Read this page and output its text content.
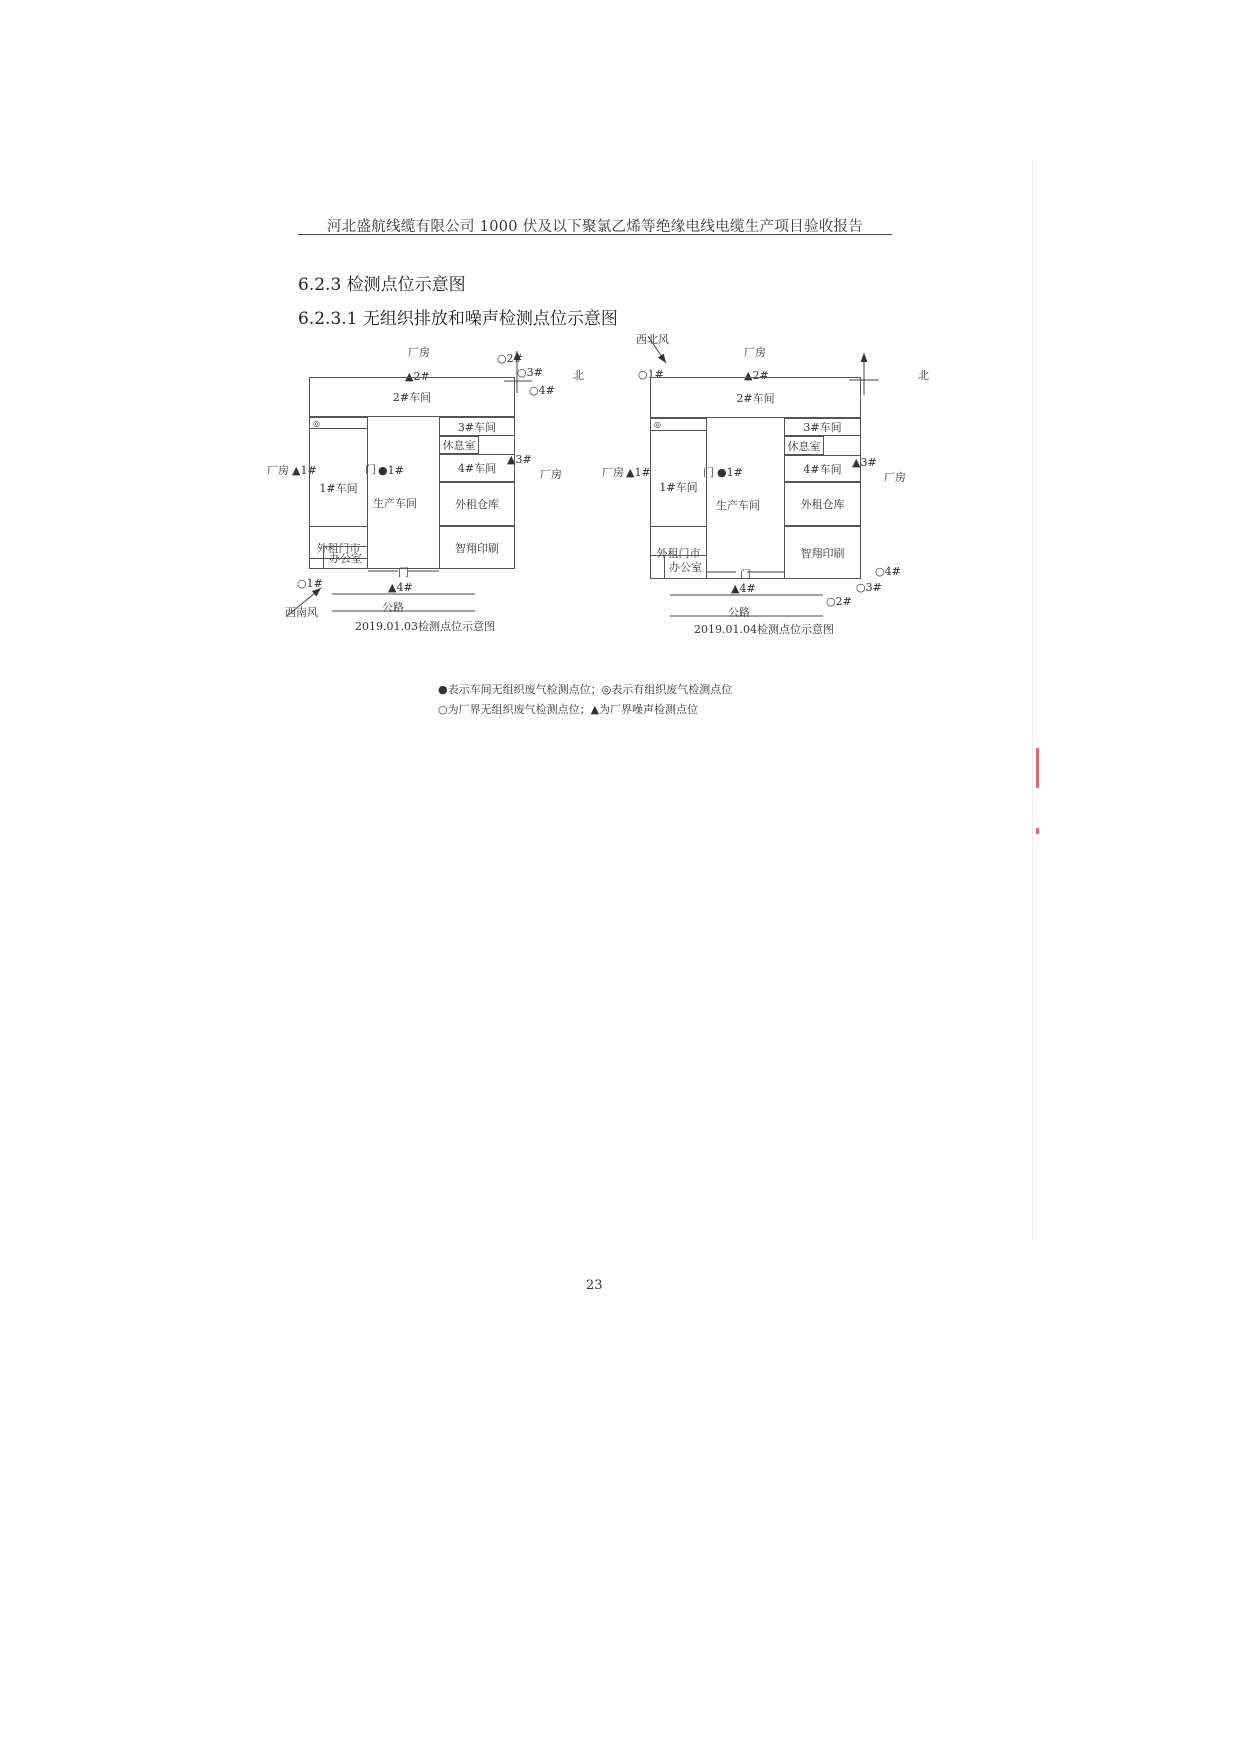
河北盛航线缆有限公司 1000 伏及以下聚氯乙烯等绝缘电线电缆生产项目验收报告
6.2.3 检测点位示意图
6.2.3.1 无组织排放和噪声检测点位示意图
厂房
▲2#
○2#
○3#
○4#
○1#
西南风
北
厂房 ▲1#	厂房
▲3#
▲4#
门
门 ●1#
公路
2019.01.03检测点位示意图
2#车间
1#车间
◎	3#车间
休息室
4#车间
外租仓库
智翔印刷
外租门市
办公室
生产车间
厂房
▲2#
○2#
○3#
○4#
○1#
西北风
北
厂房 ▲1#	厂房
▲3#
▲4#
门
门 ●1#
公路
2019.01.04检测点位示意图
2#车间
1#车间
◎	3#车间
休息室
4#车间
外租仓库
智翔印刷
外租门市
办公室
生产车间
●表示车间无组织废气检测点位；◎表示有组织废气检测点位
○为厂界无组织废气检测点位；▲为厂界噪声检测点位
23
